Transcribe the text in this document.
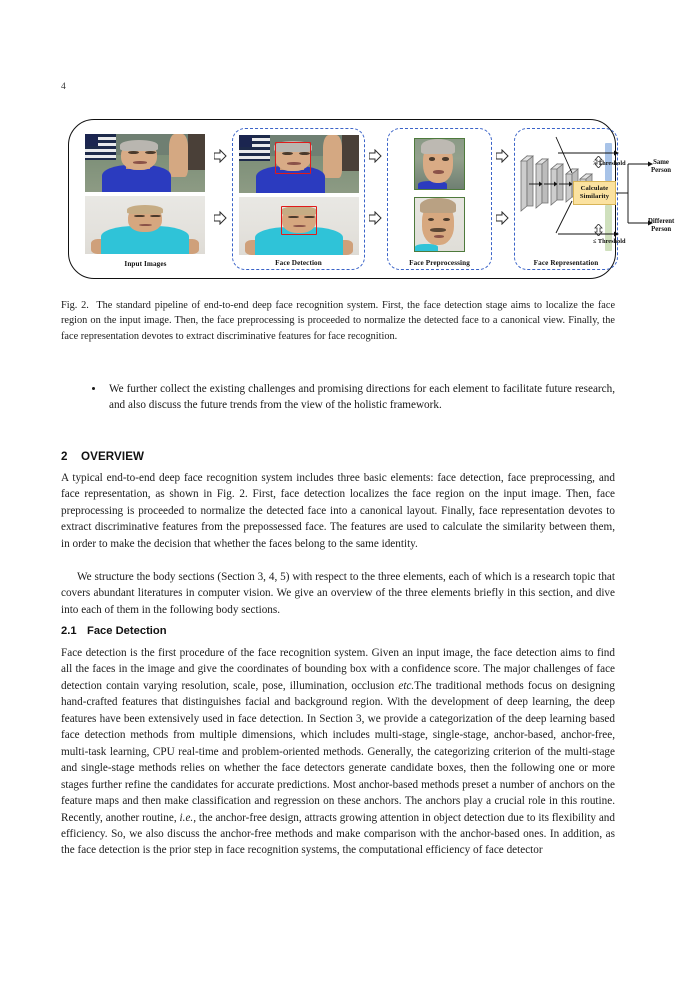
4
Input Images	Face Detection	Face Preprocessing	Face Representation
Calculate
Similarity
> Threshold
≤ Threshold
Same
Person
Different
Person
Fig. 2. The standard pipeline of end-to-end deep face recognition system. First, the face detection stage aims to localize the face region on the input image. Then, the face preprocessing is proceeded to normalize the detected face to a canonical view. Finally, the face representation devotes to extract discriminative features for face recognition.
• We further collect the existing challenges and promising directions for each element to facilitate future research, and also discuss the future trends from the view of the holistic framework.
2 OVERVIEW
A typical end-to-end deep face recognition system includes three basic elements: face detection, face preprocessing, and face representation, as shown in Fig. 2. First, face detection localizes the face region on the input image. Then, face preprocessing is proceeded to normalize the detected face into a canonical layout. Finally, face representation devotes to extract discriminative features from the prepossessed face. The features are used to calculate the similarity between them, in order to make the decision that whether the faces belong to the same identity.
We structure the body sections (Section 3, 4, 5) with respect to the three elements, each of which is a research topic that covers abundant literatures in computer vision. We give an overview of the three elements briefly in this section, and dive into each of them in the following body sections.
2.1 Face Detection
Face detection is the first procedure of the face recognition system. Given an input image, the face detection aims to find all the faces in the image and give the coordinates of bounding box with a confidence score. The major challenges of face detection contain varying resolution, scale, pose, illumination, occlusion etc.The traditional methods focus on designing hand-crafted features that distinguishes facial and background region. With the development of deep learning, the deep features have been extensively used in face detection. In Section 3, we provide a categorization of the deep learning based face detection methods from multiple dimensions, which includes multi-stage, single-stage, anchor-based, anchor-free, multi-task learning, CPU real-time and problem-oriented methods. Generally, the categorizing criterion of the multi-stage and single-stage methods relies on whether the face detectors generate candidate boxes, then the following one or more stages further refine the candidates for accurate predictions. Most anchor-based methods preset a number of anchors on the feature maps and then make classification and regression on these anchors. The anchors play a crucial role in this routine. Recently, another routine, i.e., the anchor-free design, attracts growing attention in object detection due to its flexibility and efficiency. So, we also discuss the anchor-free methods and make comparison with the anchor-based ones. In addition, as the face detection is the prior step in face recognition systems, the computational efficiency of face detector
